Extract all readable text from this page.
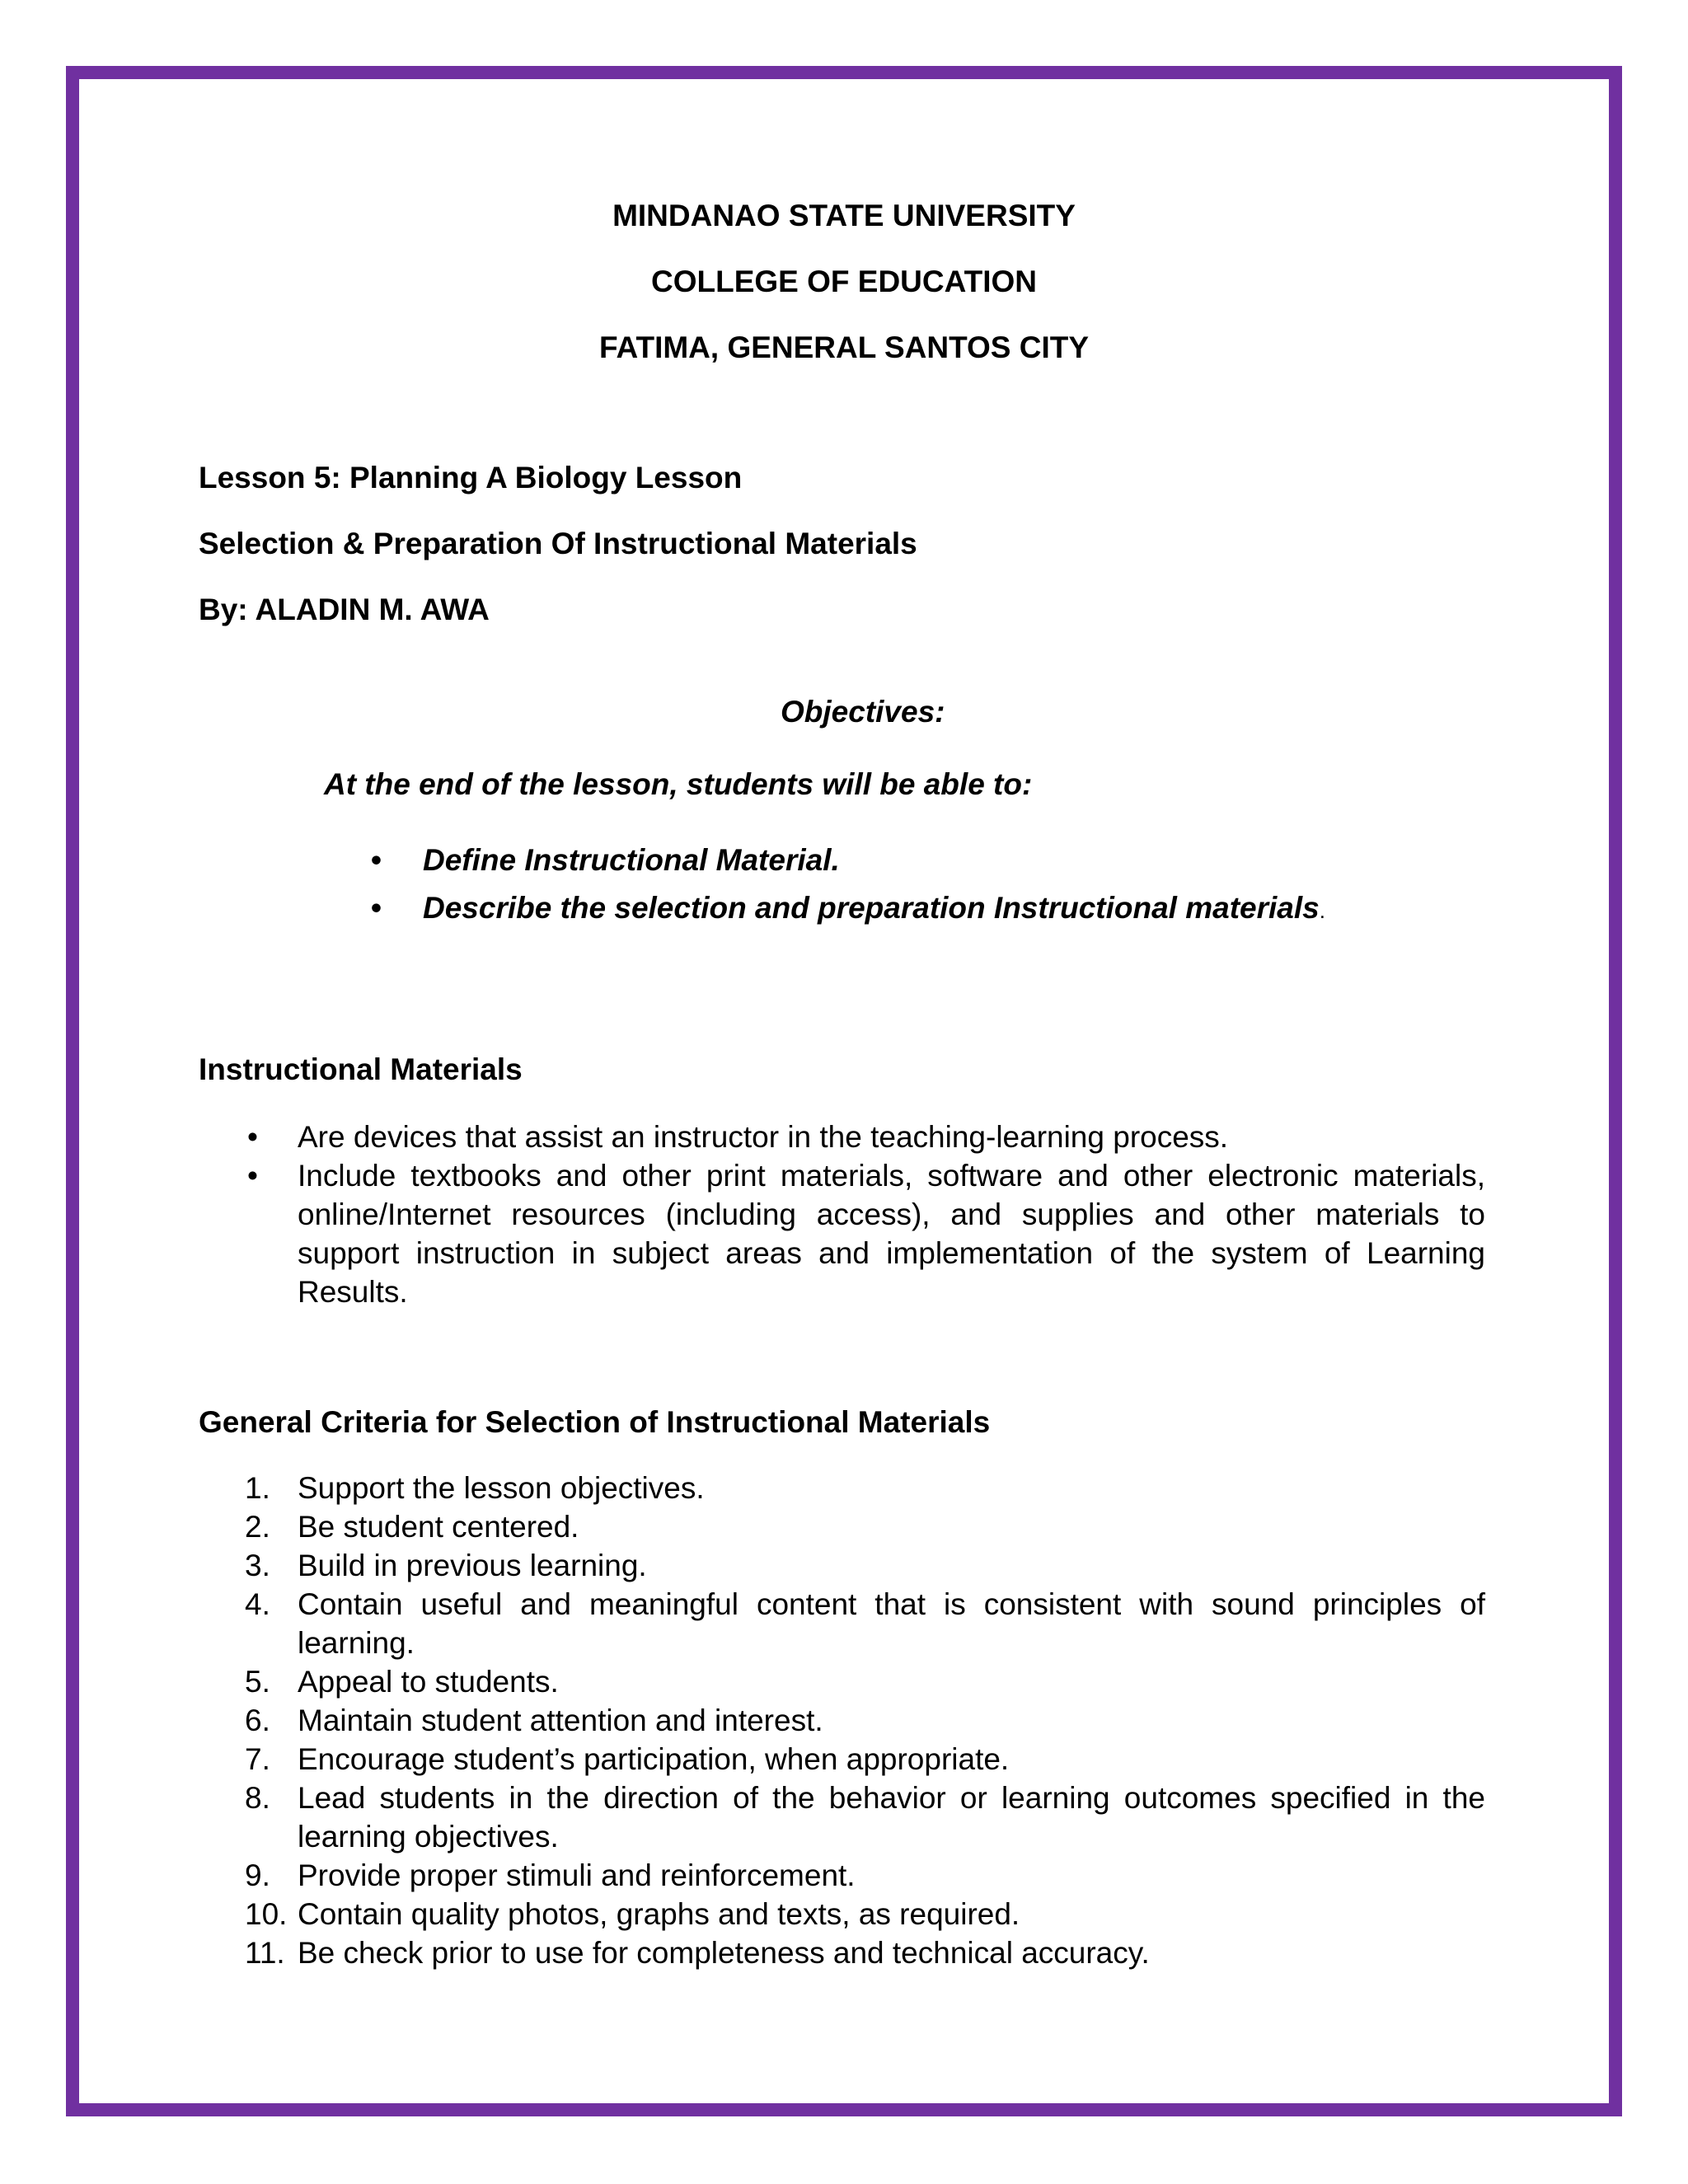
MINDANAO STATE UNIVERSITY
COLLEGE OF EDUCATION
FATIMA, GENERAL SANTOS CITY
Lesson 5: Planning A Biology Lesson
Selection & Preparation Of Instructional Materials
By: ALADIN M. AWA
Objectives:
At the end of the lesson, students will be able to:
• Define Instructional Material.
• Describe the selection and preparation Instructional materials.
Instructional Materials
• Are devices that assist an instructor in the teaching-learning process.
• Include textbooks and other print materials, software and other electronic materials, online/Internet resources (including access), and supplies and other materials to support instruction in subject areas and implementation of the system of Learning Results.
General Criteria for Selection of Instructional Materials
1. Support the lesson objectives.
2. Be student centered.
3. Build in previous learning.
4. Contain useful and meaningful content that is consistent with sound principles of learning.
5. Appeal to students.
6. Maintain student attention and interest.
7. Encourage student’s participation, when appropriate.
8. Lead students in the direction of the behavior or learning outcomes specified in the learning objectives.
9. Provide proper stimuli and reinforcement.
10. Contain quality photos, graphs and texts, as required.
11. Be check prior to use for completeness and technical accuracy.
